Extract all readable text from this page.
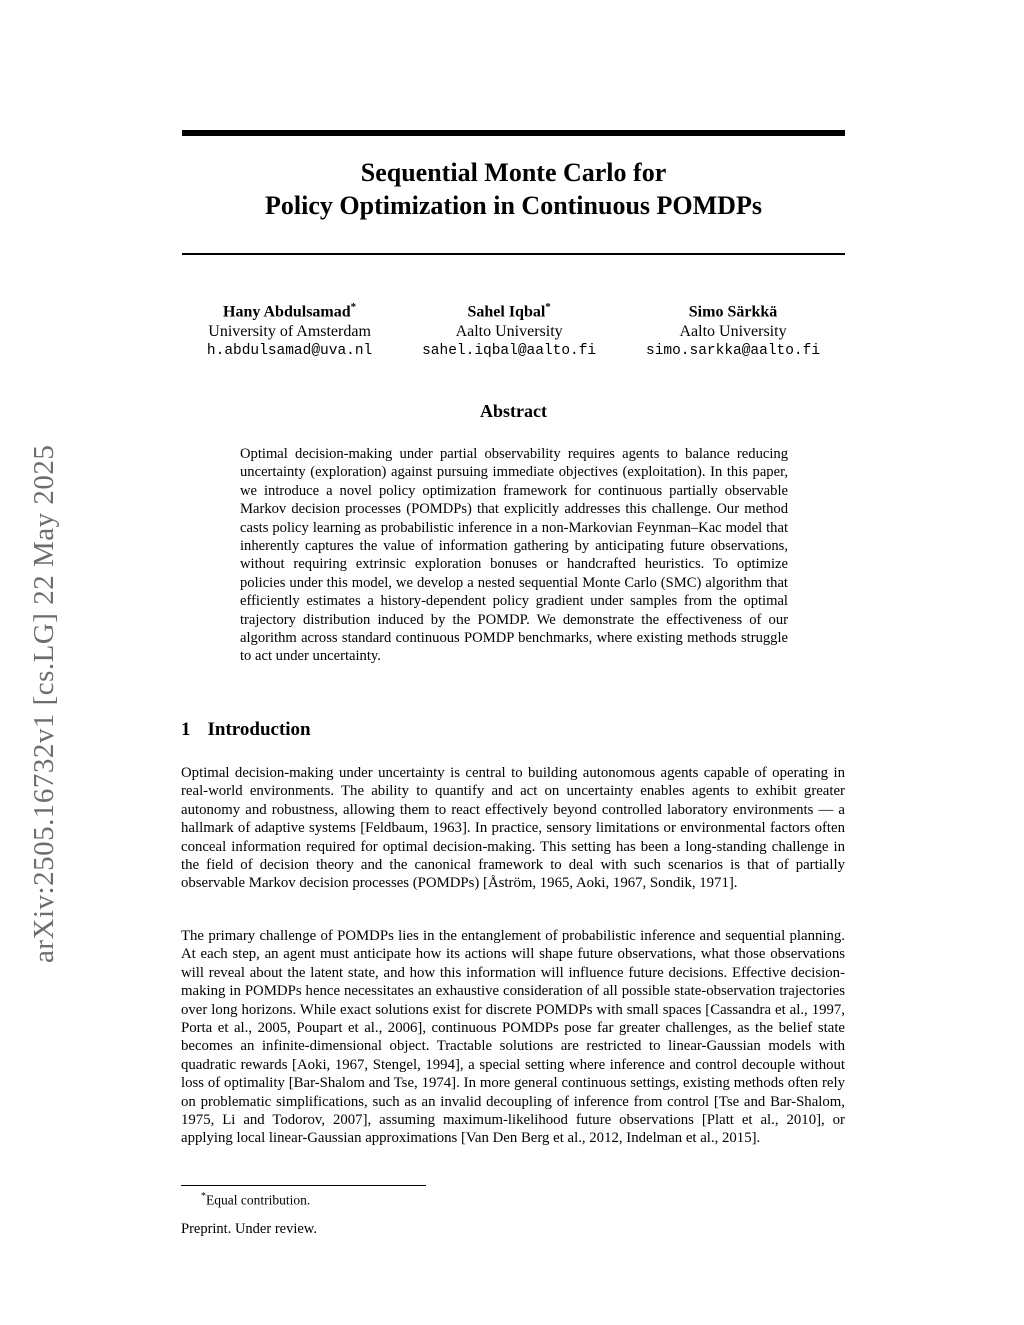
arXiv:2505.16732v1 [cs.LG] 22 May 2025
Sequential Monte Carlo for
Policy Optimization in Continuous POMDPs
Hany Abdulsamad*
University of Amsterdam
h.abdulsamad@uva.nl
Sahel Iqbal*
Aalto University
sahel.iqbal@aalto.fi
Simo Särkkä
Aalto University
simo.sarkka@aalto.fi
Abstract

Optimal decision-making under partial observability requires agents to balance reducing uncertainty (exploration) against pursuing immediate objectives (exploitation). In this paper, we introduce a novel policy optimization framework for continuous partially observable Markov decision processes (POMDPs) that explicitly addresses this challenge. Our method casts policy learning as probabilistic inference in a non-Markovian Feynman–Kac model that inherently captures the value of information gathering by anticipating future observations, without requiring extrinsic exploration bonuses or handcrafted heuristics. To optimize policies under this model, we develop a nested sequential Monte Carlo (SMC) algorithm that efficiently estimates a history-dependent policy gradient under samples from the optimal trajectory distribution induced by the POMDP. We demonstrate the effectiveness of our algorithm across standard continuous POMDP benchmarks, where existing methods struggle to act under uncertainty.

1 Introduction

Optimal decision-making under uncertainty is central to building autonomous agents capable of operating in real-world environments. The ability to quantify and act on uncertainty enables agents to exhibit greater autonomy and robustness, allowing them to react effectively beyond controlled laboratory environments — a hallmark of adaptive systems [Feldbaum, 1963]. In practice, sensory limitations or environmental factors often conceal information required for optimal decision-making. This setting has been a long-standing challenge in the field of decision theory and the canonical framework to deal with such scenarios is that of partially observable Markov decision processes (POMDPs) [Åström, 1965, Aoki, 1967, Sondik, 1971].

The primary challenge of POMDPs lies in the entanglement of probabilistic inference and sequential planning. At each step, an agent must anticipate how its actions will shape future observations, what those observations will reveal about the latent state, and how this information will influence future decisions. Effective decision-making in POMDPs hence necessitates an exhaustive consideration of all possible state-observation trajectories over long horizons. While exact solutions exist for discrete POMDPs with small spaces [Cassandra et al., 1997, Porta et al., 2005, Poupart et al., 2006], continuous POMDPs pose far greater challenges, as the belief state becomes an infinite-dimensional object. Tractable solutions are restricted to linear-Gaussian models with quadratic rewards [Aoki, 1967, Stengel, 1994], a special setting where inference and control decouple without loss of optimality [Bar-Shalom and Tse, 1974]. In more general continuous settings, existing methods often rely on problematic simplifications, such as an invalid decoupling of inference from control [Tse and Bar-Shalom, 1975, Li and Todorov, 2007], assuming maximum-likelihood future observations [Platt et al., 2010], or applying local linear-Gaussian approximations [Van Den Berg et al., 2012, Indelman et al., 2015].

*Equal contribution.
Preprint. Under review.
